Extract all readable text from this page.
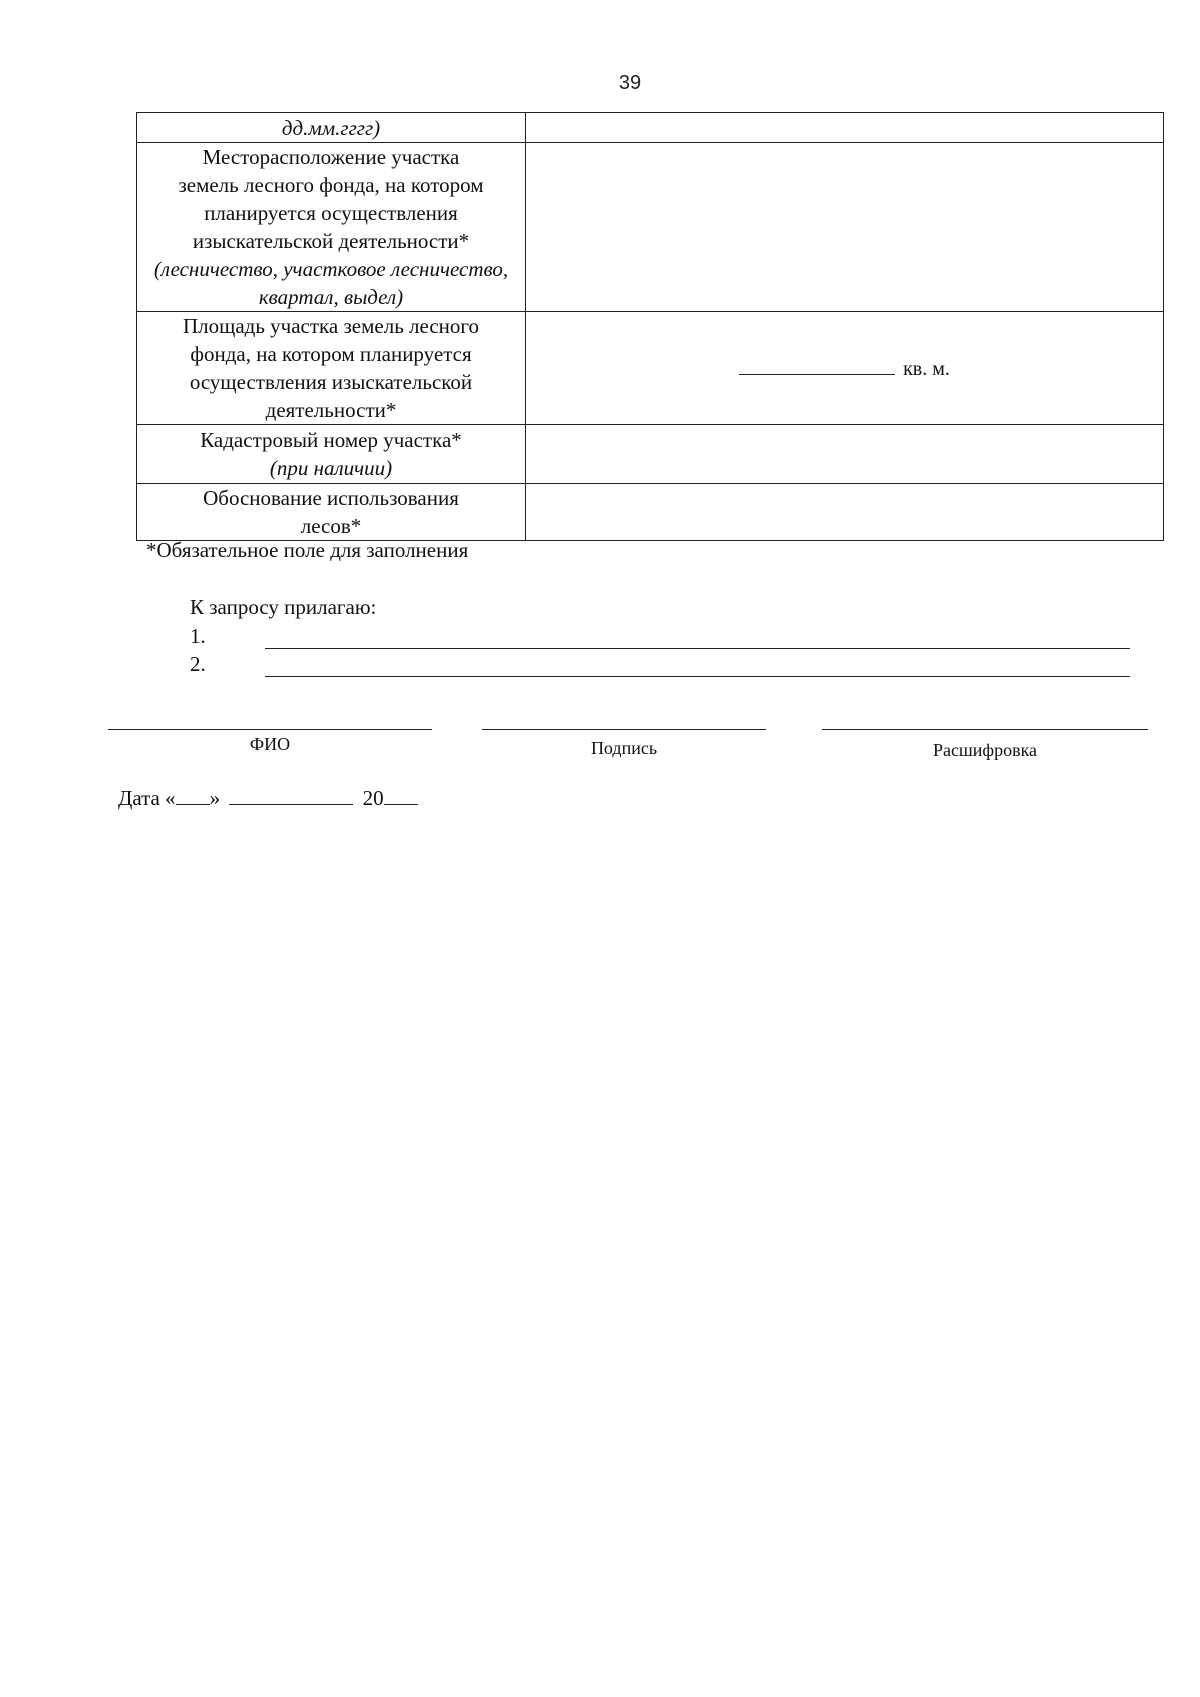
39
дд.мм.гггг)	

Месторасположение участка
земель лесного фонда, на котором
планируется осуществления
изыскательской деятельности*
(лесничество, участковое лесничество, квартал, выдел)	

Площадь участка земель лесного
фонда, на котором планируется
осуществления изыскательской
деятельности*	кв. м.

Кадастровый номер участка*
(при наличии)	

Обоснование использования
лесов*	

*Обязательное поле для заполнения
К запросу прилагаю:
1.
2.
ФИО	Подпись	Расшифровка
Дата « »	20
